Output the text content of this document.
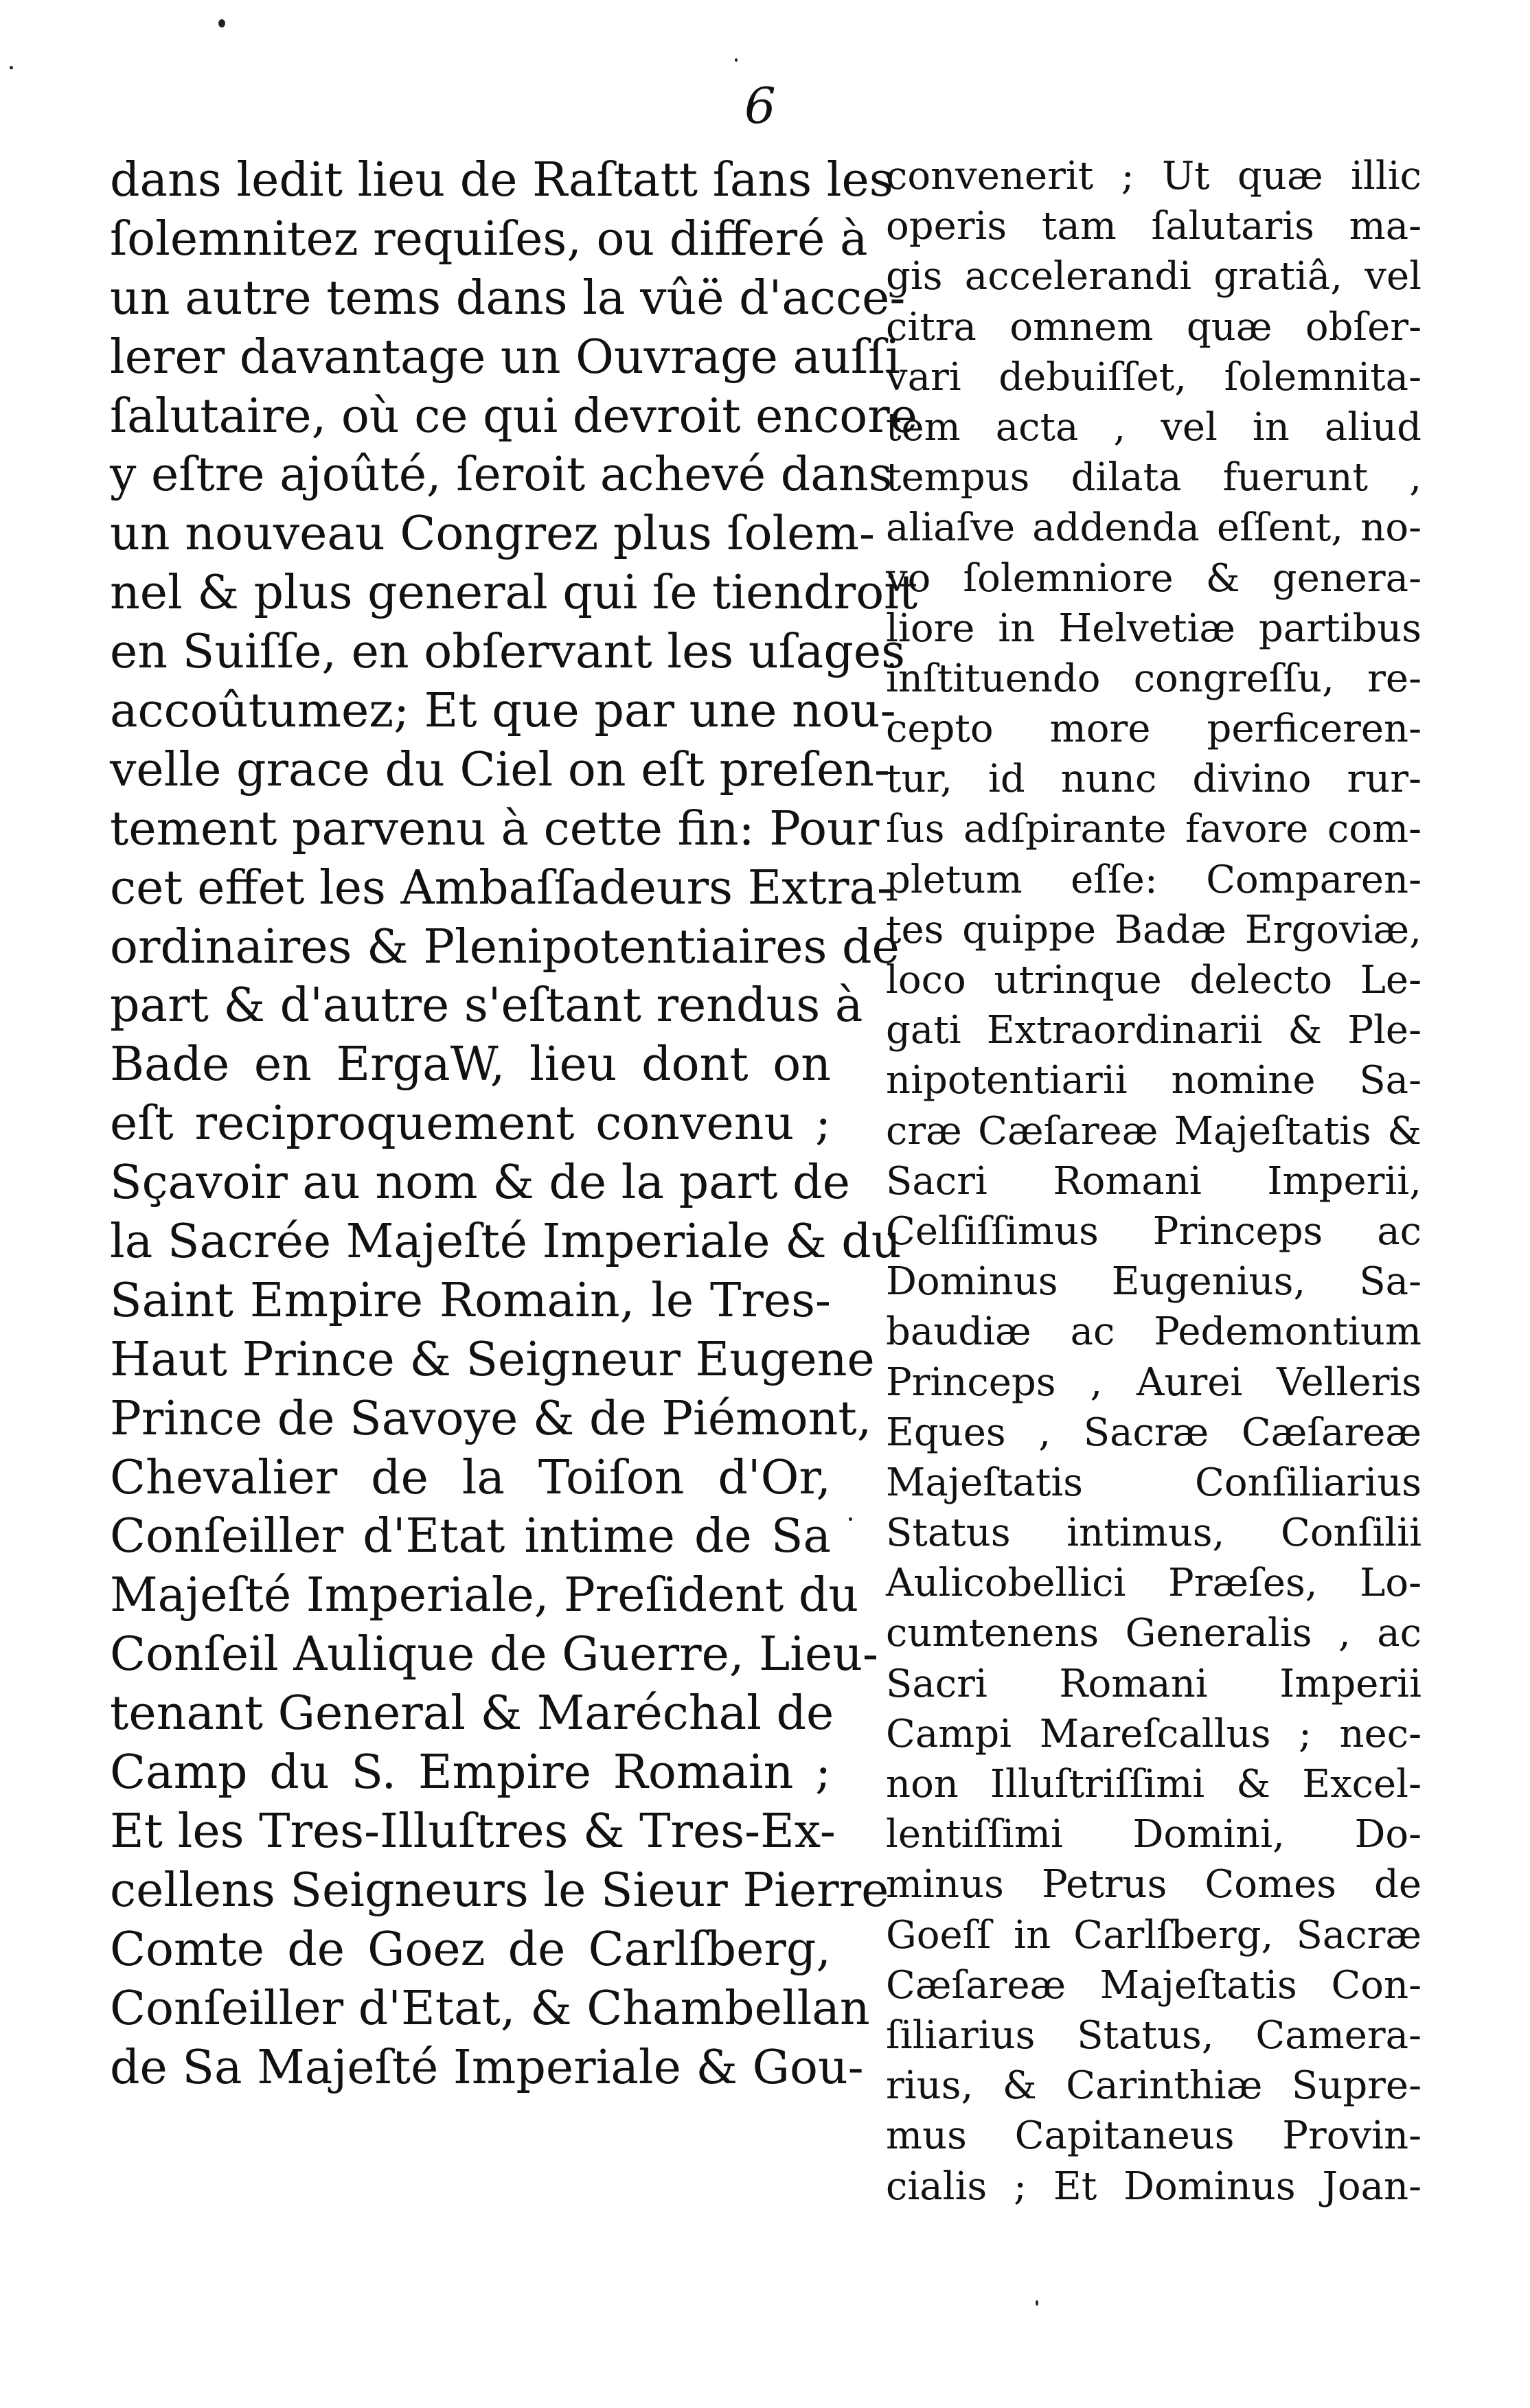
6
dans ledit lieu de Raſtatt ſans les
ſolemnitez requiſes, ou differé à
un autre tems dans la vûë d'acce-
lerer davantage un Ouvrage auſſi
ſalutaire, où ce qui devroit encore
y eſtre ajoûté, ſeroit achevé dans
un nouveau Congrez plus ſolem-
nel & plus general qui ſe tiendroit
en Suiſſe, en obſervant les uſages
accoûtumez; Et que par une nou-
velle grace du Ciel on eſt preſen-
tement parvenu à cette fin: Pour
cet effet les Ambaſſadeurs Extra-
ordinaires & Plenipotentiaires de
part & d'autre s'eſtant rendus à
Bade en ErgaW, lieu dont on
eſt reciproquement convenu ;
Sçavoir au nom & de la part de
la Sacrée Majeſté Imperiale & du
Saint Empire Romain, le Tres-
Haut Prince & Seigneur Eugene
Prince de Savoye & de Piémont,
Chevalier de la Toiſon d'Or,
Conſeiller d'Etat intime de Sa
Majeſté Imperiale, Preſident du
Conſeil Aulique de Guerre, Lieu-
tenant General & Maréchal de
Camp du S. Empire Romain ;
Et les Tres-Illuſtres & Tres-Ex-
cellens Seigneurs le Sieur Pierre
Comte de Goez de Carlſberg,
Conſeiller d'Etat, & Chambellan
de Sa Majeſté Imperiale & Gou-
convenerit ; Ut quæ illic
operis tam ſalutaris ma-
gis accelerandi gratiâ, vel
citra omnem quæ obſer-
vari debuiſſet, ſolemnita-
tem acta , vel in aliud
tempus dilata fuerunt ,
aliaſve addenda eſſent, no-
vo ſolemniore & genera-
liore in Helvetiæ partibus
inſtituendo congreſſu, re-
cepto more perficeren-
tur, id nunc divino rur-
ſus adſpirante favore com-
pletum eſſe: Comparen-
tes quippe Badæ Ergoviæ,
loco utrinque delecto Le-
gati Extraordinarii & Ple-
nipotentiarii nomine Sa-
cræ Cæſareæ Majeſtatis &
Sacri Romani Imperii,
Celſiſſimus Princeps ac
Dominus Eugenius, Sa-
baudiæ ac Pedemontium
Princeps , Aurei Velleris
Eques , Sacræ Cæſareæ
Majeſtatis Conſiliarius
Status intimus, Conſilii
Aulicobellici Præſes, Lo-
cumtenens Generalis , ac
Sacri Romani Imperii
Campi Mareſcallus ; nec-
non Illuſtriſſimi & Excel-
lentiſſimi Domini, Do-
minus Petrus Comes de
Goeſſ in Carlſberg, Sacræ
Cæſareæ Majeſtatis Con-
ſiliarius Status, Camera-
rius, & Carinthiæ Supre-
mus Capitaneus Provin-
cialis ; Et Dominus Joan-
